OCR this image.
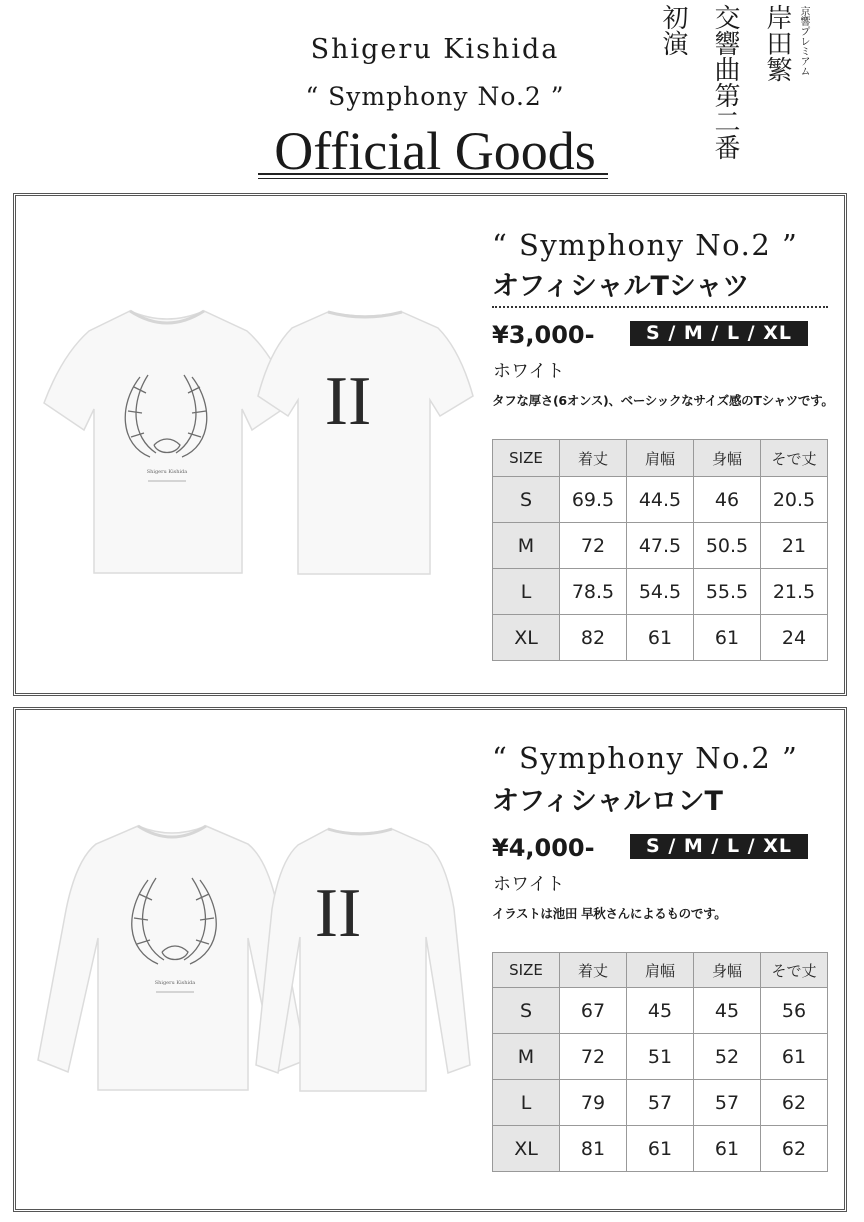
Shigeru Kishida
“ Symphony No.2 ”
Official Goods
京響プレミアム
岸田繁
交響曲第二番
初演
Shigeru Kishida
II
“ Symphony No.2 ”
オフィシャルTシャツ
¥3,000-	S / M / L / XL
ホワイト
タフな厚さ(6オンス)、ベーシックなサイズ感のTシャツです。
SIZE	着丈	肩幅	身幅	そで丈
S	69.5	44.5	46	20.5
M	72	47.5	50.5	21
L	78.5	54.5	55.5	21.5
XL	82	61	61	24
Shigeru Kishida
II
“ Symphony No.2 ”
オフィシャルロンT
¥4,000-	S / M / L / XL
ホワイト
イラストは池田 早秋さんによるものです。
SIZE	着丈	肩幅	身幅	そで丈
S	67	45	45	56
M	72	51	52	61
L	79	57	57	62
XL	81	61	61	62
